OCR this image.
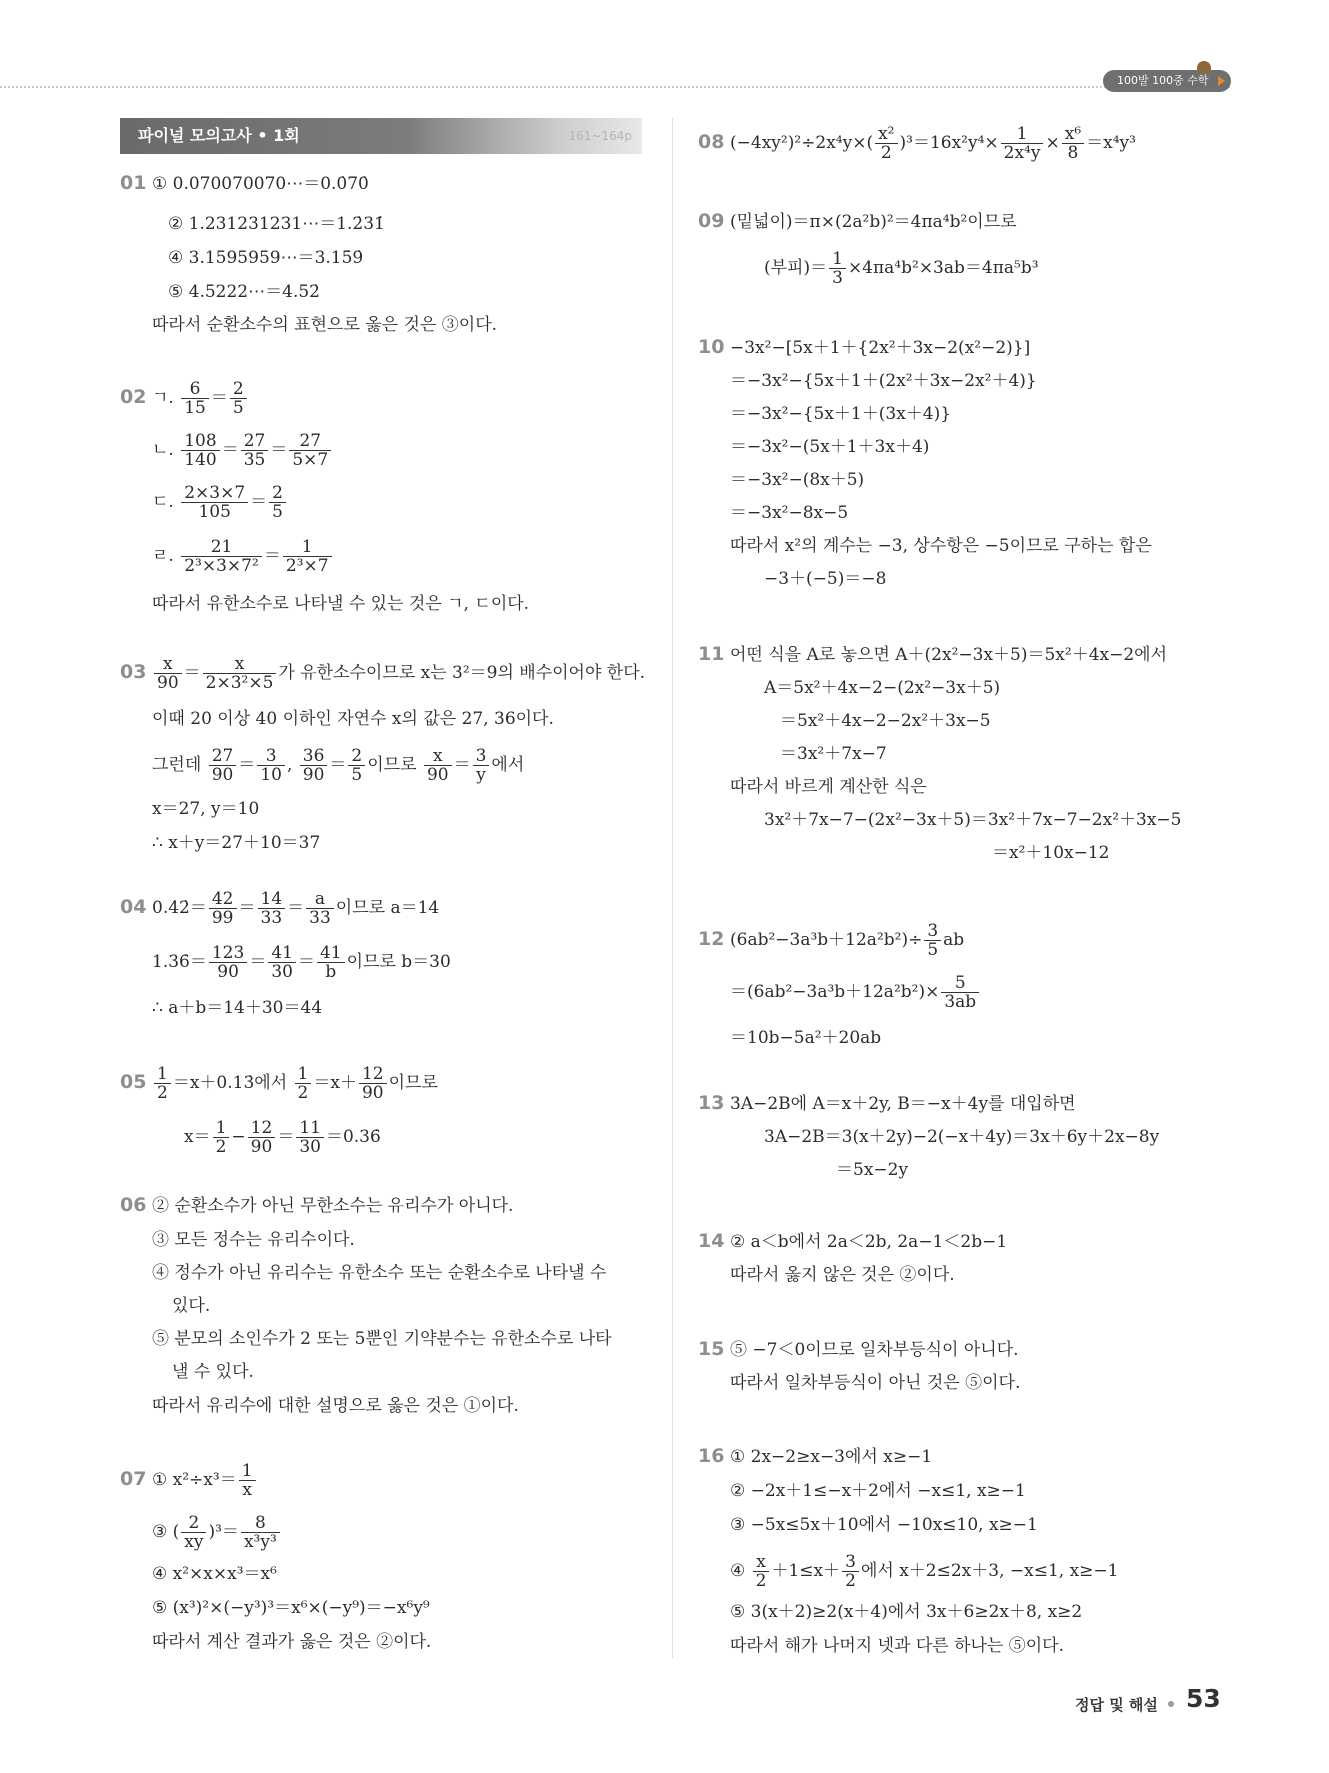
100발 100중 수학
파이널 모의고사 • 1회	161~164p
01 ① 0.070070070⋯＝0.0̇70̇
② 1.231231231⋯＝1.2̇31̇
④ 3.1595959⋯＝3.15̇9̇
⑤ 4.5222⋯＝4.52̇
따라서 순환소수의 표현으로 옳은 것은 ③이다.
02 ㄱ. $\frac{6}{15} = \frac{2}{5}$
ㄴ. $\frac{108}{140} = \frac{27}{35} = \frac{27}{5\times 7}$
ㄷ. $\frac{2\times 3\times 7}{105} = \frac{2}{5}$
ㄹ. $\frac{21}{\text{2³×3×7²}} = \frac{1}{\text{2³×7}}$
따라서 유한소수로 나타낼 수 있는 것은 ㄱ, ㄷ이다.
$03 \frac{x}{90} = \frac{x}{\text{2×3²×5}}$ 가 유한소수이므로 x는 3²＝9의 배수이어야 한다.
이때 20 이상 40 이하인 자연수 x의 값은 27, 36이다.
그런데 $\frac{27}{90} = \frac{3}{10}$ , $\frac{36}{90} = \frac{2}{5}$ 이므로 $\frac{x}{90} = \frac{3}{y}$ 에서
x＝27, y＝10
∴ x＋y＝27＋10＝37
04 0.4̇2̇＝ $\frac{42}{99} = \frac{14}{33} = \frac{a}{33}$ 이므로 a＝14
1.36̇＝ $\frac{123}{90} = \frac{41}{30} = \frac{41}{b}$ 이므로 b＝30
∴ a＋b＝14＋30＝44
$05 \frac{1}{2}$ ＝x＋0.13̇에서 $\frac{1}{2} =x+ \frac{12}{90}$ 이므로
$x= \frac{1}{2} - \frac{12}{90} = \frac{11}{30}$ ＝0.36̇
06 ② 순환소수가 아닌 무한소수는 유리수가 아니다.
③ 모든 정수는 유리수이다.
④ 정수가 아닌 유리수는 유한소수 또는 순환소수로 나타낼 수
있다.
⑤ 분모의 소인수가 2 또는 5뿐인 기약분수는 유한소수로 나타
낼 수 있다.
따라서 유리수에 대한 설명으로 옳은 것은 ①이다.
07 ① $x^2\div x^3= \frac{1}{x}$
③ ( $\frac{2}{xy} )^3= \frac{8}{\text{x³y³}}$
④ x²×x×x³＝x⁶
⑤ (x³)²×(−y³)³＝x⁶×(−y⁹)＝−x⁶y⁹
따라서 계산 결과가 옳은 것은 ②이다.
08 $(-4xy^2)^2\div 2x^4y\times( \frac{\text{x²}}{2} )^3=16x^2y^4\times \frac{1}{\text{2x⁴y}} \times \frac{\text{x⁶}}{8} =x^4y^3$
09 (밑넓이)＝π×(2a²b)²＝4πa⁴b²이므로
(부피)＝ $\frac{1}{3} \times 4\pi a^4b^2\times 3ab=4\pi a^5b^3$
10 −3x²−[5x＋1＋{2x²＋3x−2(x²−2)}]
＝−3x²−{5x＋1＋(2x²＋3x−2x²＋4)}
＝−3x²−{5x＋1＋(3x＋4)}
＝−3x²−(5x＋1＋3x＋4)
＝−3x²−(8x＋5)
＝−3x²−8x−5
따라서 x²의 계수는 −3, 상수항은 −5이므로 구하는 합은
−3＋(−5)＝−8
11 어떤 식을 A로 놓으면 A＋(2x²−3x＋5)＝5x²＋4x−2에서
A＝5x²＋4x−2−(2x²−3x＋5)
＝5x²＋4x−2−2x²＋3x−5
＝3x²＋7x−7
따라서 바르게 계산한 식은
3x²＋7x−7−(2x²−3x＋5)＝3x²＋7x−7−2x²＋3x−5
＝x²＋10x−12
12 $(6ab^2-3a^3b+12a^2b^2)\div \frac{3}{5}$ ab
$=(6ab^2-3a^3b+12a^2b^2)\times \frac{5}{3ab}$
＝10b−5a²＋20ab
13 3A−2B에 A＝x＋2y, B＝−x＋4y를 대입하면
3A−2B＝3(x＋2y)−2(−x＋4y)＝3x＋6y＋2x−8y
＝5x−2y
14 ② a＜b에서 2a＜2b, 2a−1＜2b−1
따라서 옳지 않은 것은 ②이다.
15 ⑤ −7＜0이므로 일차부등식이 아니다.
따라서 일차부등식이 아닌 것은 ⑤이다.
16 ① 2x−2≥x−3에서 x≥−1
② −2x＋1≤−x＋2에서 −x≤1, x≥−1
③ −5x≤5x＋10에서 −10x≤10, x≥−1
④ $\frac{x}{2} +1\le x+ \frac{3}{2}$ 에서 x＋2≤2x＋3, −x≤1, x≥−1
⑤ 3(x＋2)≥2(x＋4)에서 3x＋6≥2x＋8, x≥2
따라서 해가 나머지 넷과 다른 하나는 ⑤이다.
정답 및 해설 53
